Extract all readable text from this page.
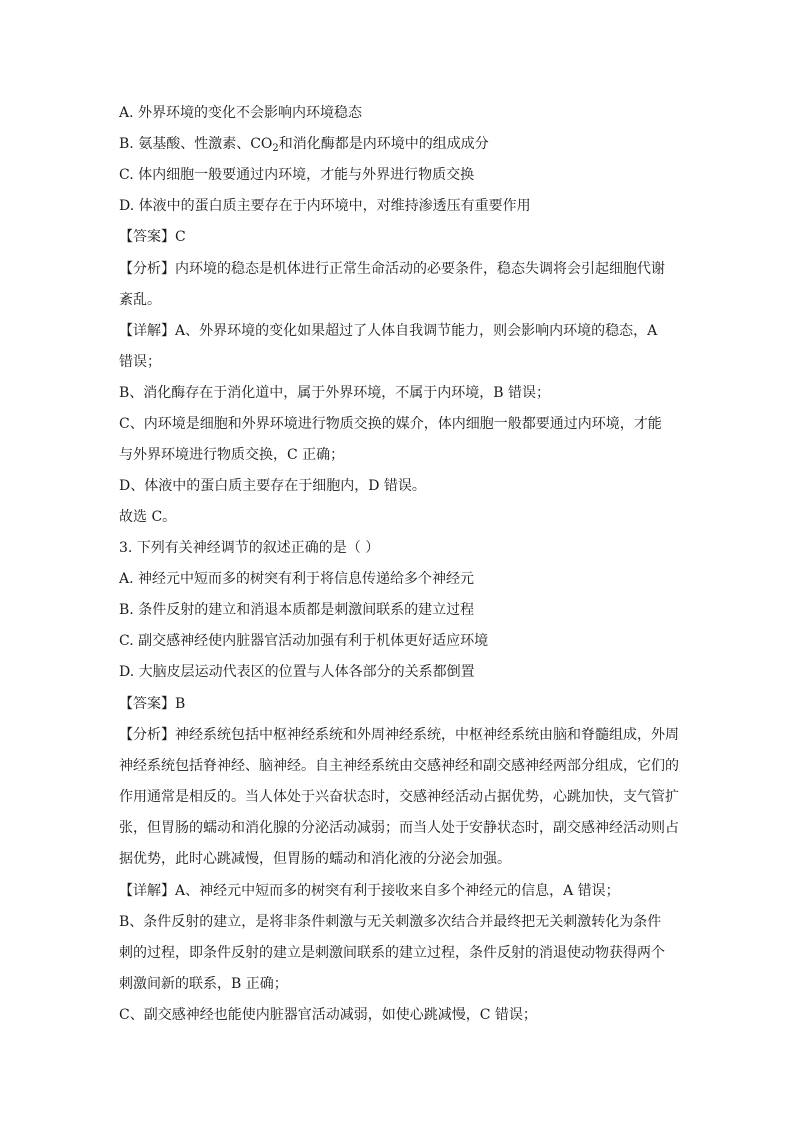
A. 外界环境的变化不会影响内环境稳态
B. 氨基酸、性激素、$CO_2$和消化酶都是内环境中的组成成分
C. 体内细胞一般要通过内环境，才能与外界进行物质交换
D. 体液中的蛋白质主要存在于内环境中，对维持渗透压有重要作用
【答案】C
【分析】内环境的稳态是机体进行正常生命活动的必要条件，稳态失调将会引起细胞代谢
紊乱。
【详解】A、外界环境的变化如果超过了人体自我调节能力，则会影响内环境的稳态，A
错误；
B、消化酶存在于消化道中，属于外界环境，不属于内环境，B 错误；
C、内环境是细胞和外界环境进行物质交换的媒介，体内细胞一般都要通过内环境，才能
与外界环境进行物质交换，C 正确；
D、体液中的蛋白质主要存在于细胞内，D 错误。
故选 C。
3. 下列有关神经调节的叙述正确的是（ ）
A. 神经元中短而多的树突有利于将信息传递给多个神经元
B. 条件反射的建立和消退本质都是刺激间联系的建立过程
C. 副交感神经使内脏器官活动加强有利于机体更好适应环境
D. 大脑皮层运动代表区的位置与人体各部分的关系都倒置
【答案】B
【分析】神经系统包括中枢神经系统和外周神经系统，中枢神经系统由脑和脊髓组成，外周
神经系统包括脊神经、脑神经。自主神经系统由交感神经和副交感神经两部分组成，它们的
作用通常是相反的。当人体处于兴奋状态时，交感神经活动占据优势，心跳加快，支气管扩
张，但胃肠的蠕动和消化腺的分泌活动减弱；而当人处于安静状态时，副交感神经活动则占
据优势，此时心跳减慢，但胃肠的蠕动和消化液的分泌会加强。
【详解】A、神经元中短而多的树突有利于接收来自多个神经元的信息，A 错误；
B、条件反射的建立，是将非条件刺激与无关刺激多次结合并最终把无关刺激转化为条件
刺的过程，即条件反射的建立是刺激间联系的建立过程，条件反射的消退使动物获得两个
刺激间新的联系，B 正确；
C、副交感神经也能使内脏器官活动减弱，如使心跳减慢，C 错误；
